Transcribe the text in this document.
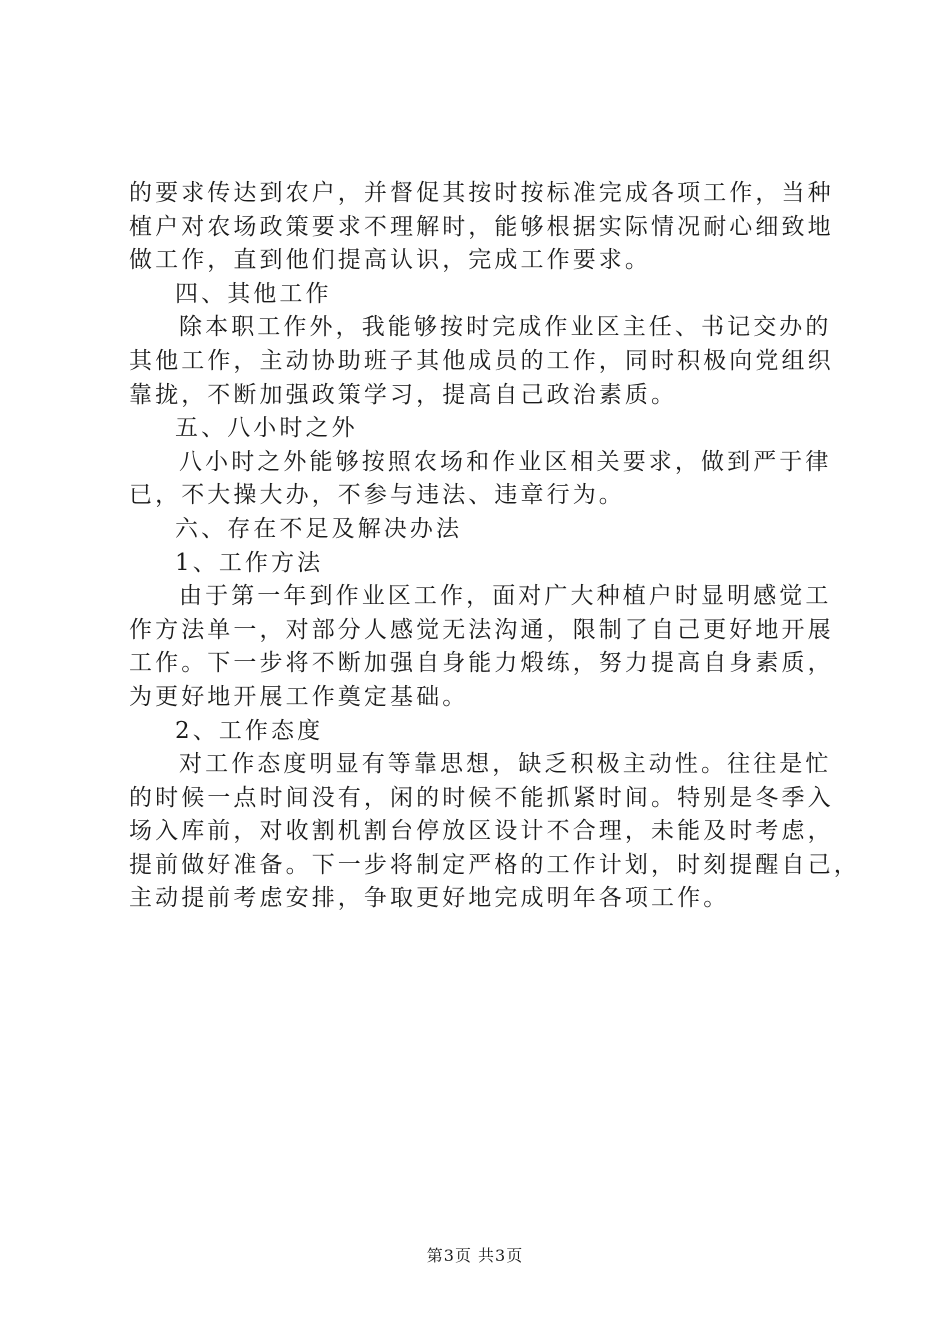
的要求传达到农户，并督促其按时按标准完成各项工作，当种
植户对农场政策要求不理解时，能够根据实际情况耐心细致地
做工作，直到他们提高认识，完成工作要求。
四、其他工作
除本职工作外，我能够按时完成作业区主任、书记交办的
其他工作，主动协助班子其他成员的工作，同时积极向党组织
靠拢，不断加强政策学习，提高自己政治素质。
五、八小时之外
八小时之外能够按照农场和作业区相关要求，做到严于律
已，不大操大办，不参与违法、违章行为。
六、存在不足及解决办法
1、工作方法
由于第一年到作业区工作，面对广大种植户时显明感觉工
作方法单一，对部分人感觉无法沟通，限制了自己更好地开展
工作。下一步将不断加强自身能力煅练，努力提高自身素质，
为更好地开展工作奠定基础。
2、工作态度
对工作态度明显有等靠思想，缺乏积极主动性。往往是忙
的时候一点时间没有，闲的时候不能抓紧时间。特别是冬季入
场入库前，对收割机割台停放区设计不合理，未能及时考虑，
提前做好准备。下一步将制定严格的工作计划，时刻提醒自己，
主动提前考虑安排，争取更好地完成明年各项工作。
第3页 共3页
